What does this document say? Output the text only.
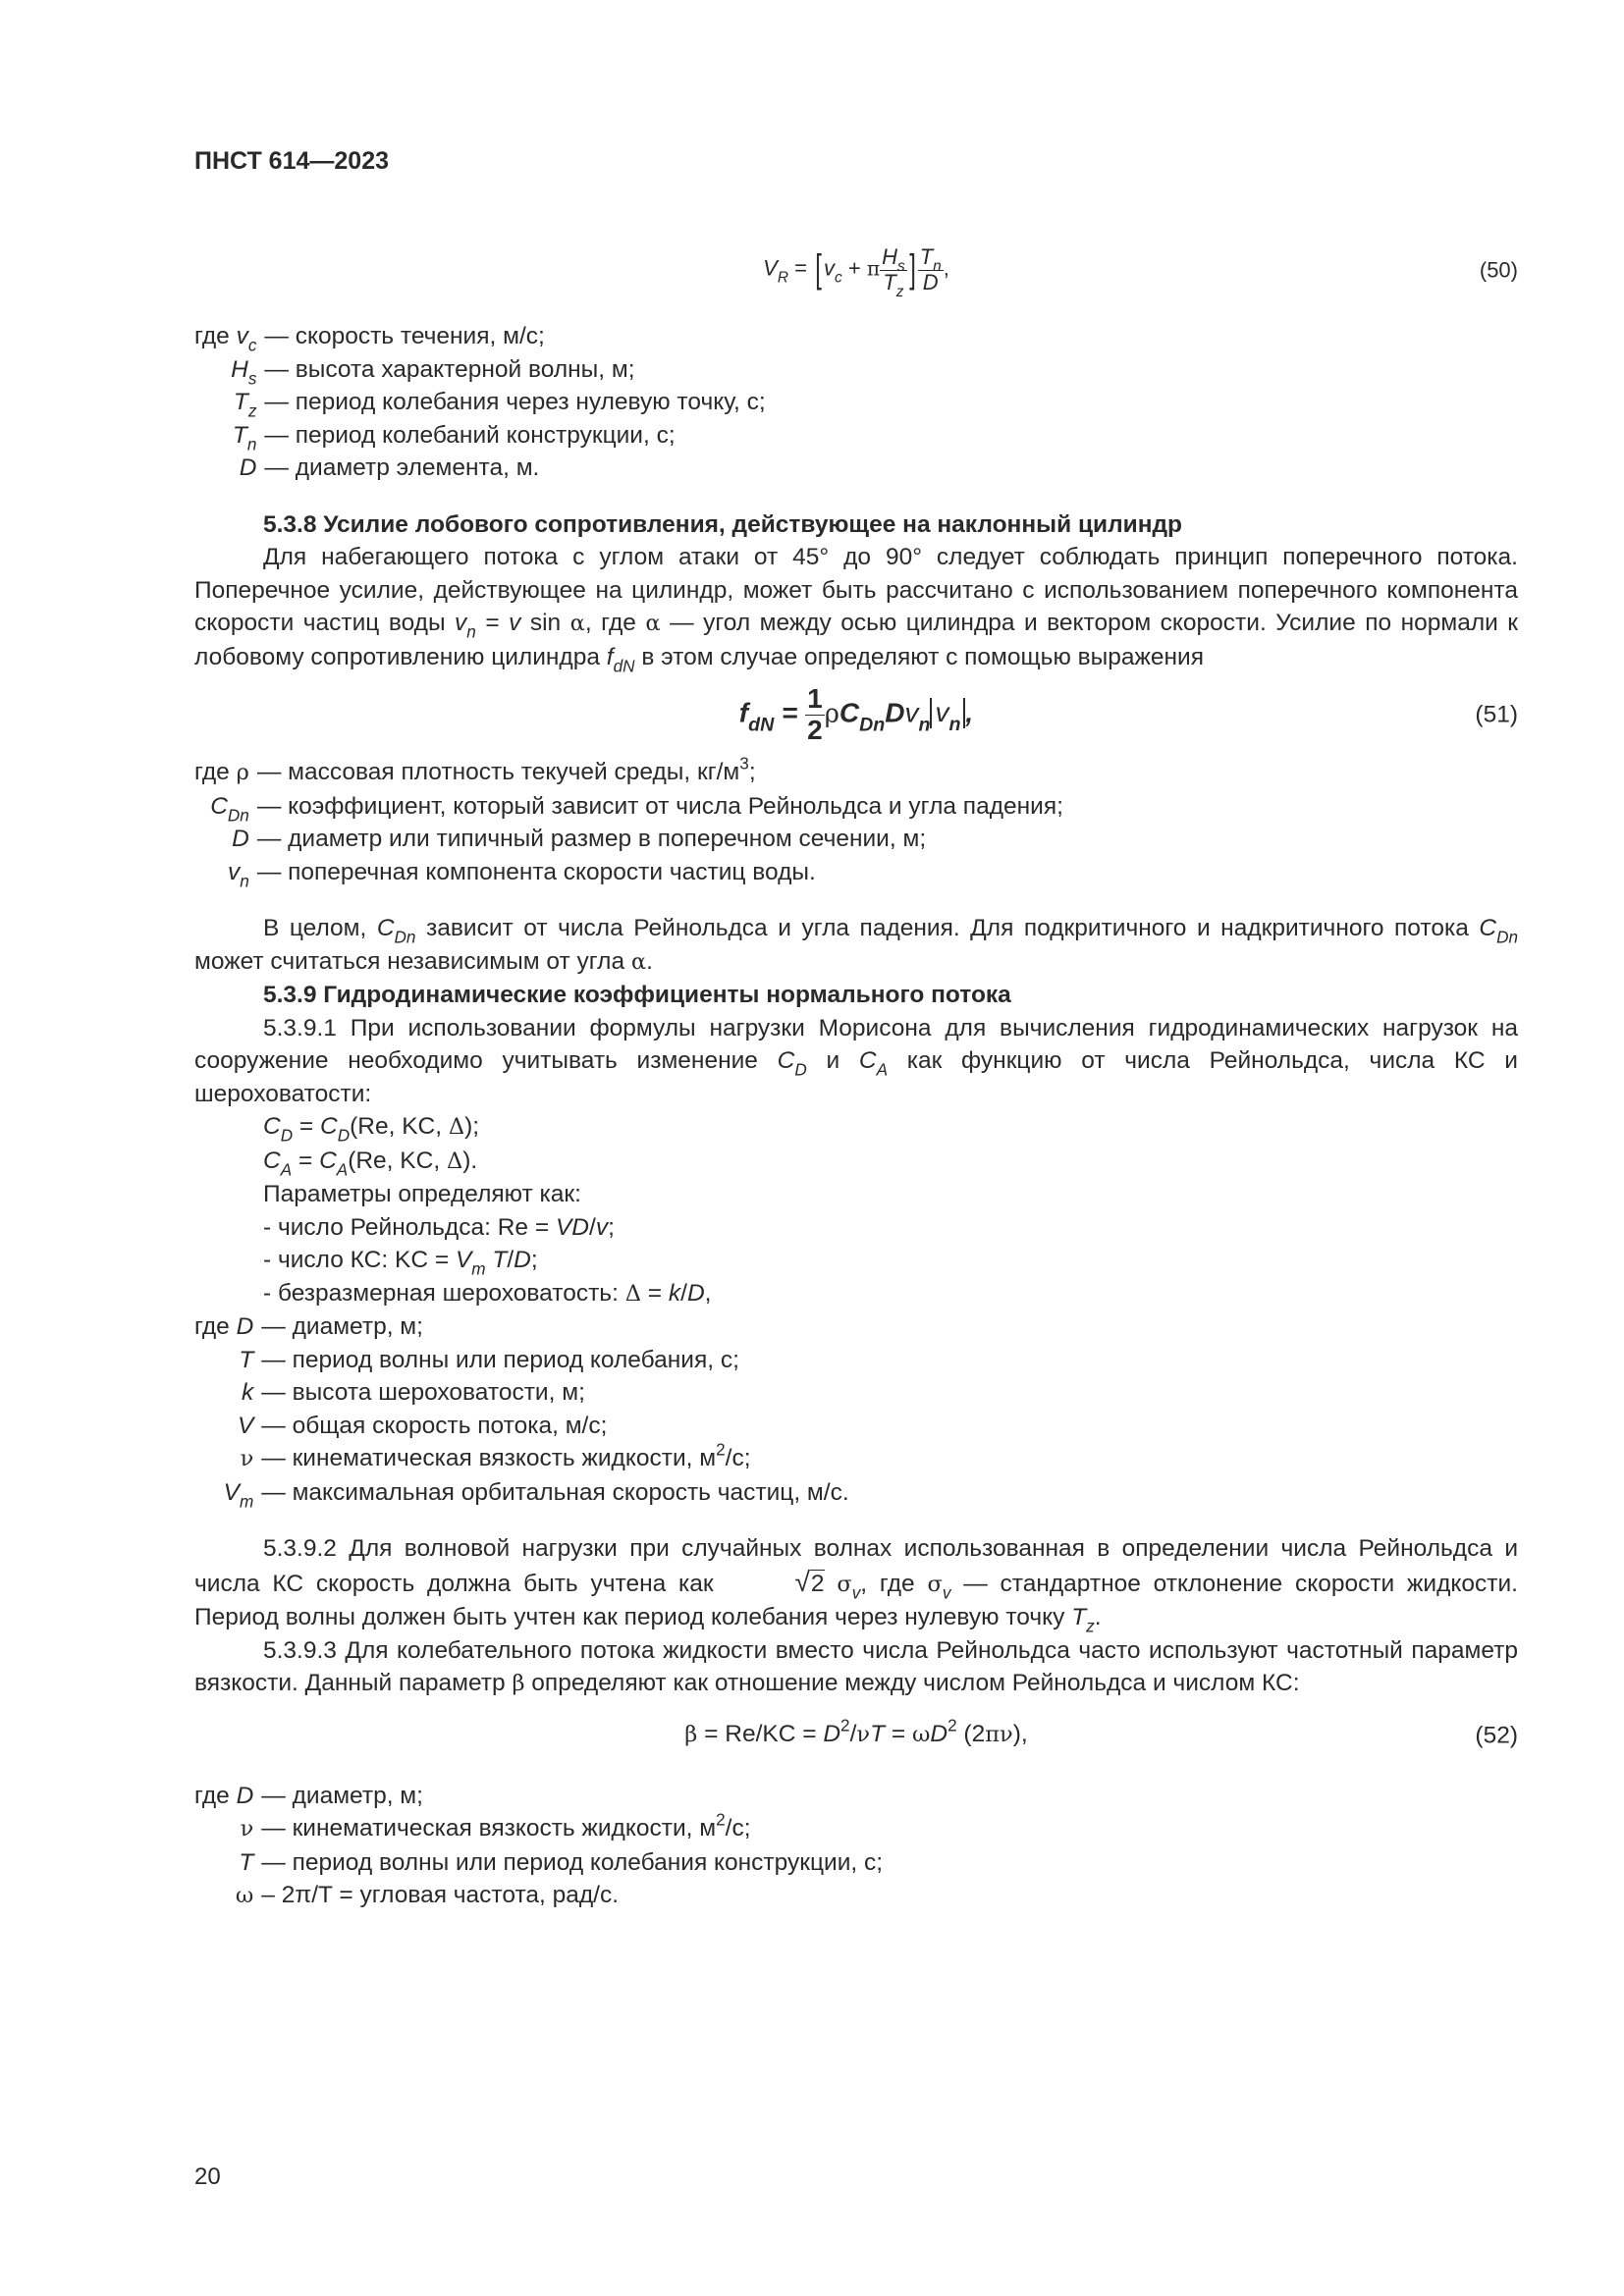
ПНСТ 614—2023
$V_R$ = [ $v_c + \pi \frac{H_s}{T_z}$ ] $\frac{T_n}{D}$ ,	(50)
где $v_c$ — скорость течения, м/с;
$H_s$ — высота характерной волны, м;
$T_z$ — период колебания через нулевую точку, с;
$T_n$ — период колебаний конструкции, с;
D — диаметр элемента, м.

5.3.8 Усилие лобового сопротивления, действующее на наклонный цилиндр

Для набегающего потока с углом атаки от 45° до 90° следует соблюдать принцип поперечного потока. Поперечное усилие, действующее на цилиндр, может быть рассчитано с использованием поперечного компонента скорости частиц воды $v_n = v$ sin α, где α — угол между осью цилиндра и вектором скорости. Усилие по нормали к лобовому сопротивлению цилиндра $f_{dN}$ в этом случае определяют с помощью выражения

$f_{dN} = \frac{1}{2} \rho C_{Dn}Dv_n$ $v_n$ ,	(51)
где ρ — массовая плотность текучей среды, $кг/м^3$;
$C_{Dn}$ — коэффициент, который зависит от числа Рейнольдса и угла падения;
D — диаметр или типичный размер в поперечном сечении, м;
$v_n$ — поперечная компонента скорости частиц воды.

В целом, $C_{Dn}$ зависит от числа Рейнольдса и угла падения. Для подкритичного и надкритичного потока $C_{Dn}$ может считаться независимым от угла α.

5.3.9 Гидродинамические коэффициенты нормального потока

5.3.9.1 При использовании формулы нагрузки Морисона для вычисления гидродинамических нагрузок на сооружение необходимо учитывать изменение $C_D$ и $C_A$ как функцию от числа Рейнольдса, числа КС и шероховатости:

$C_D = C_D(Re$, KC, Δ);

$C_A = C_A(Re$, KC, Δ).

Параметры определяют как:

- число Рейнольдса: Re = VD/v;

- число КС: KC = $V_m$ T/D;

- безразмерная шероховатость: Δ = k/D,

где D — диаметр, м;
T — период волны или период колебания, с;
k — высота шероховатости, м;
V — общая скорость потока, м/с;
ν — кинематическая вязкость жидкости, $м^2/с$;
$V_m$ — максимальная орбитальная скорость частиц, м/с.

5.3.9.2 Для волновой нагрузки при случайных волнах использованная в определении числа Рейнольдса и числа КС скорость должна быть учтена как √2 $\sigma_v$, где $\sigma_v$ — стандартное отклонение скорости жидкости. Период волны должен быть учтен как период колебания через нулевую точку $T_z$.

5.3.9.3 Для колебательного потока жидкости вместо числа Рейнольдса часто используют частотный параметр вязкости. Данный параметр β определяют как отношение между числом Рейнольдса и числом КС:

$\beta = Re/KC = D^2/\nu T = \omega D^2$ (2πν),	(52)
где D — диаметр, м;
ν — кинематическая вязкость жидкости, $м^2/с$;
T — период волны или период колебания конструкции, с;
ω – 2π/T = угловая частота, рад/с.
20
